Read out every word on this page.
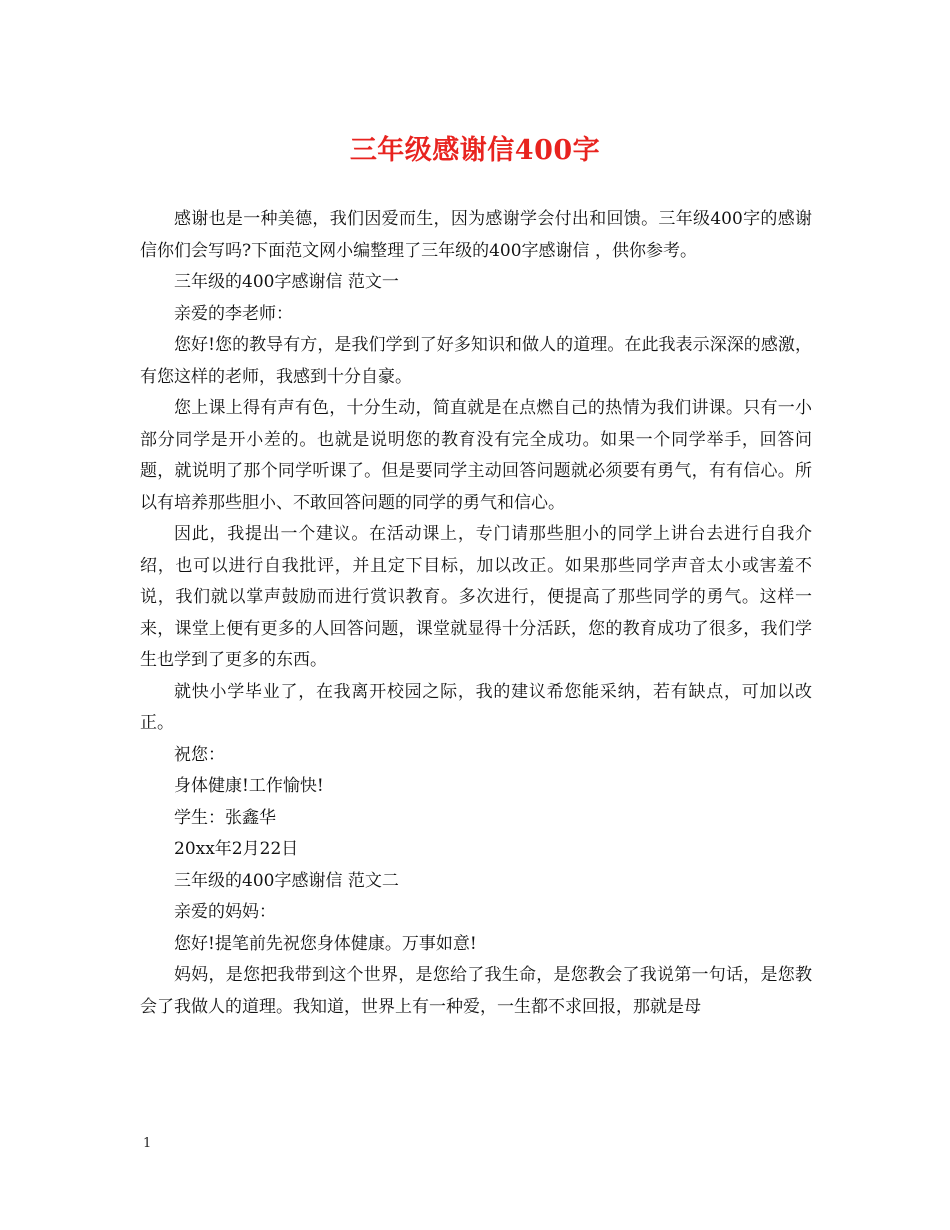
三年级感谢信400字

感谢也是一种美德，我们因爱而生，因为感谢学会付出和回馈。三年级400字的感谢信你们会写吗?下面范文网小编整理了三年级的400字感谢信 ，供你参考。

三年级的400字感谢信 范文一

亲爱的李老师：

您好!您的教导有方，是我们学到了好多知识和做人的道理。在此我表示深深的感激，有您这样的老师，我感到十分自豪。

您上课上得有声有色，十分生动，简直就是在点燃自己的热情为我们讲课。只有一小部分同学是开小差的。也就是说明您的教育没有完全成功。如果一个同学举手，回答问题，就说明了那个同学听课了。但是要同学主动回答问题就必须要有勇气，有有信心。所以有培养那些胆小、不敢回答问题的同学的勇气和信心。

因此，我提出一个建议。在活动课上，专门请那些胆小的同学上讲台去进行自我介绍，也可以进行自我批评，并且定下目标，加以改正。如果那些同学声音太小或害羞不说，我们就以掌声鼓励而进行赏识教育。多次进行，便提高了那些同学的勇气。这样一来，课堂上便有更多的人回答问题，课堂就显得十分活跃，您的教育成功了很多，我们学生也学到了更多的东西。

就快小学毕业了，在我离开校园之际，我的建议希您能采纳，若有缺点，可加以改正。

祝您：

身体健康!工作愉快!

学生：张鑫华

20xx年2月22日

三年级的400字感谢信 范文二

亲爱的妈妈：

您好!提笔前先祝您身体健康。万事如意!

妈妈，是您把我带到这个世界，是您给了我生命，是您教会了我说第一句话，是您教会了我做人的道理。我知道，世界上有一种爱，一生都不求回报，那就是母

1
